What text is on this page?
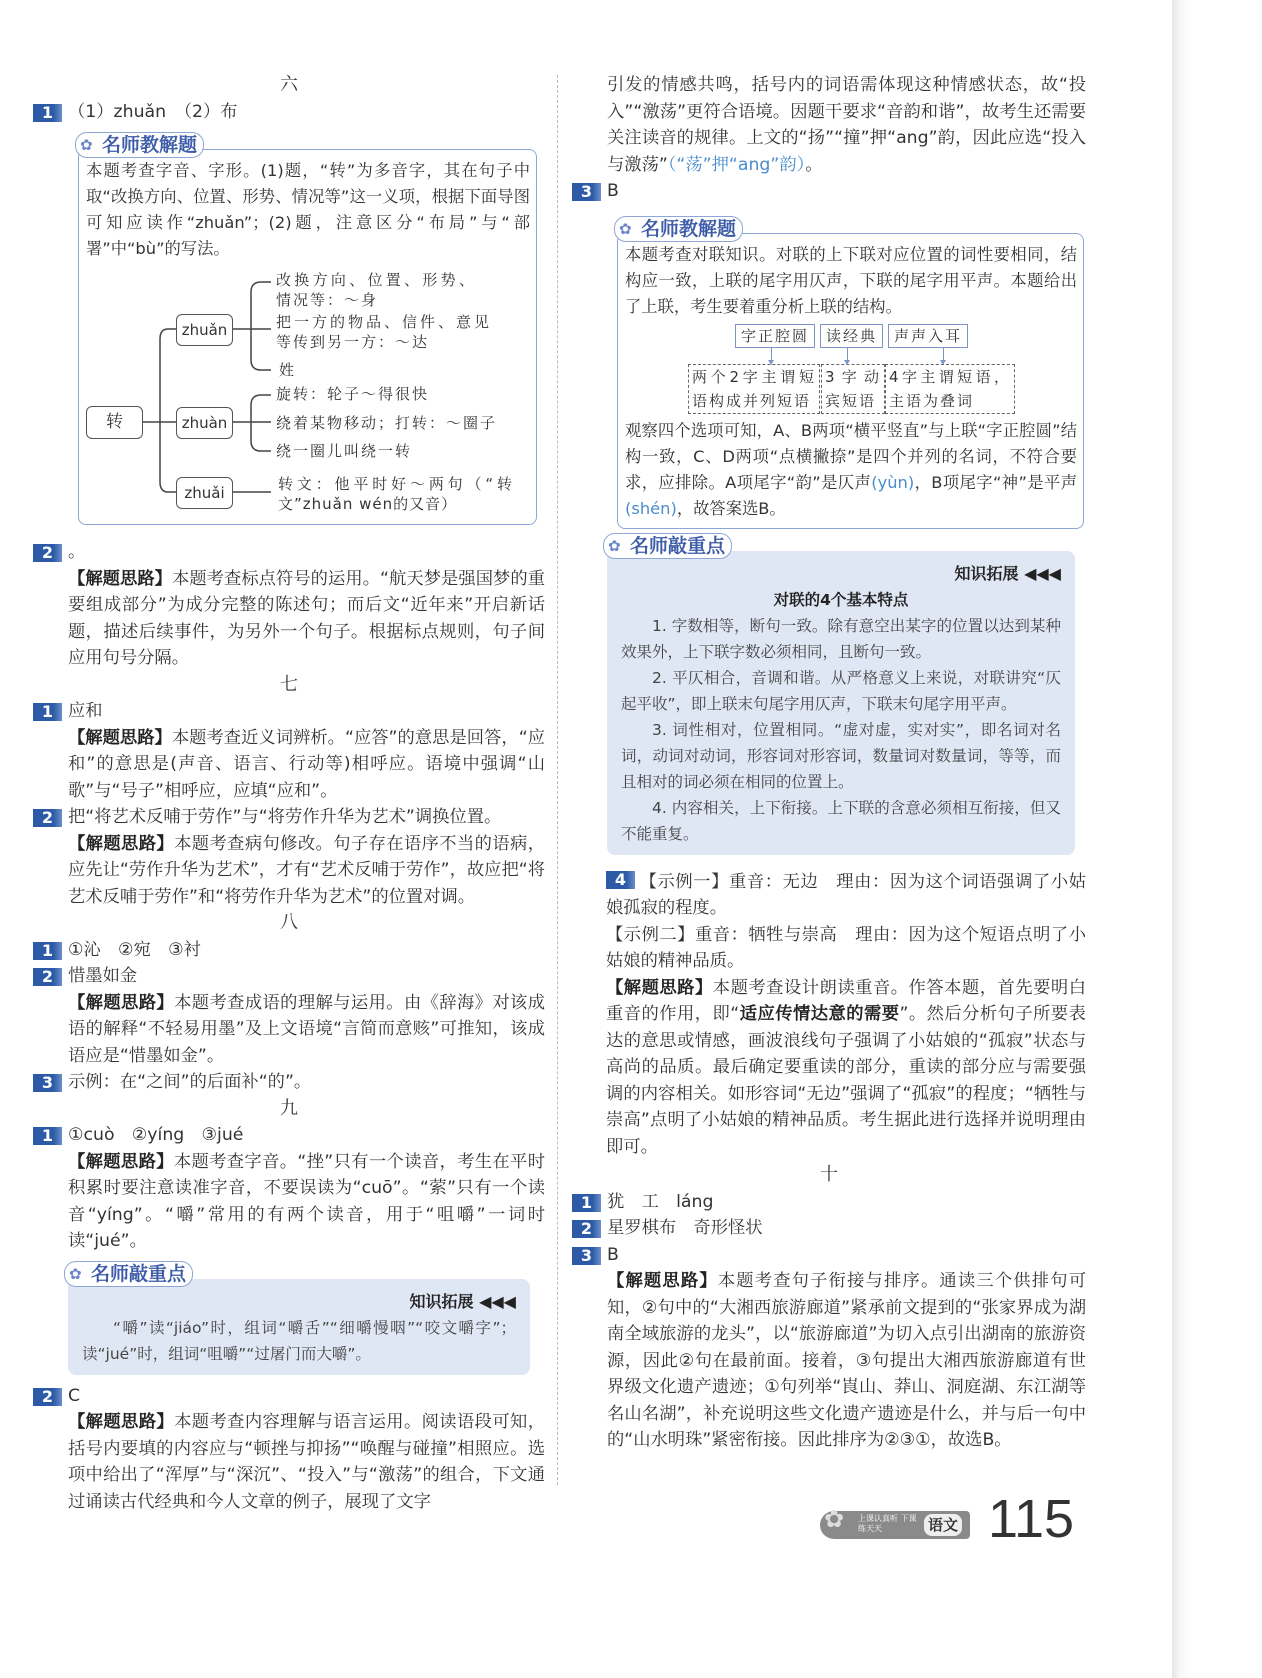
六

1 （1）zhuǎn　（2）布

✿ 名师教解题

本题考查字音、字形。(1)题，“转”为多音字，其在句子中取“改换方向、位置、形势、情况等”这一义项，根据下面导图可知应读作“zhuǎn”；(2)题，注意区分“布局”与“部署”中“bù”的写法。

转
zhuǎn
zhuàn
zhuǎi
改换方向、位置、形势、情况等：～身
把一方的物品、信件、意见等传到另一方：～达
姓
旋转：轮子～得很快
绕着某物移动；打转：～圈子
绕一圈儿叫绕一转
转文：他平时好～两句（“转文”zhuǎn wén的又音）
2 。

【解题思路】本题考查标点符号的运用。“航天梦是强国梦的重要组成部分”为成分完整的陈述句；而后文“近年来”开启新话题，描述后续事件，为另外一个句子。根据标点规则，句子间应用句号分隔。

七

1 应和

【解题思路】本题考查近义词辨析。“应答”的意思是回答，“应和”的意思是(声音、语言、行动等)相呼应。语境中强调“山歌”与“号子”相呼应，应填“应和”。

2 把“将艺术反哺于劳作”与“将劳作升华为艺术”调换位置。

【解题思路】本题考查病句修改。句子存在语序不当的语病，应先让“劳作升华为艺术”，才有“艺术反哺于劳作”，故应把“将艺术反哺于劳作”和“将劳作升华为艺术”的位置对调。

八

1 ①沁　②宛　③衬

2 惜墨如金

【解题思路】本题考查成语的理解与运用。由《辞海》对该成语的解释“不轻易用墨”及上文语境“言简而意赅”可推知，该成语应是“惜墨如金”。

3 示例：在“之间”的后面补“的”。

九

1 ①cuò　②yíng　③jué

【解题思路】本题考查字音。“挫”只有一个读音，考生在平时积累时要注意读准字音，不要误读为“cuō”。“萦”只有一个读音“yíng”。“嚼”常用的有两个读音，用于“咀嚼”一词时读“jué”。

✿ 名师敲重点
知识拓展 ◀◀◀

“嚼”读“jiáo”时，组词“嚼舌”“细嚼慢咽”“咬文嚼字”；读“jué”时，组词“咀嚼”“过屠门而大嚼”。

2 C

【解题思路】本题考查内容理解与语言运用。阅读语段可知，括号内要填的内容应与“顿挫与抑扬”“唤醒与碰撞”相照应。选项中给出了“浑厚”与“深沉”、“投入”与“激荡”的组合，下文通过诵读古代经典和今人文章的例子，展现了文字

引发的情感共鸣，括号内的词语需体现这种情感状态，故“投入”“激荡”更符合语境。因题干要求“音韵和谐”，故考生还需要关注读音的规律。上文的“扬”“撞”押“ang”韵，因此应选“投入与激荡”（“荡”押“ang”韵）。

3 B

✿ 名师教解题

本题考查对联知识。对联的上下联对应位置的词性要相同，结构应一致，上联的尾字用仄声，下联的尾字用平声。本题给出了上联，考生要着重分析上联的结构。

字正腔圆	读经典	声声入耳
两个2字主谓短语构成并列短语
3字动宾短语
4字主谓短语，主语为叠词

观察四个选项可知，A、B两项“横平竖直”与上联“字正腔圆”结构一致，C、D两项“点横撇捺”是四个并列的名词，不符合要求，应排除。A项尾字“韵”是仄声(yùn)，B项尾字“神”是平声(shén)，故答案选B。

✿ 名师敲重点
知识拓展 ◀◀◀
对联的4个基本特点

1. 字数相等，断句一致。除有意空出某字的位置以达到某种效果外，上下联字数必须相同，且断句一致。

2. 平仄相合，音调和谐。从严格意义上来说，对联讲究“仄起平收”，即上联末句尾字用仄声，下联末句尾字用平声。

3. 词性相对，位置相同。“虚对虚，实对实”，即名词对名词，动词对动词，形容词对形容词，数量词对数量词，等等，而且相对的词必须在相同的位置上。

4. 内容相关，上下衔接。上下联的含意必须相互衔接，但又不能重复。

4 【示例一】重音：无边　理由：因为这个词语强调了小姑娘孤寂的程度。

【示例二】重音：牺牲与崇高　理由：因为这个短语点明了小姑娘的精神品质。

【解题思路】本题考查设计朗读重音。作答本题，首先要明白重音的作用，即“适应传情达意的需要”。然后分析句子所要表达的意思或情感，画波浪线句子强调了小姑娘的“孤寂”状态与高尚的品质。最后确定要重读的部分，重读的部分应与需要强调的内容相关。如形容词“无边”强调了“孤寂”的程度；“牺牲与崇高”点明了小姑娘的精神品质。考生据此进行选择并说明理由即可。

十

1 犹　工　láng

2 星罗棋布　奇形怪状

3 B

【解题思路】本题考查句子衔接与排序。通读三个供排句可知，②句中的“大湘西旅游廊道”紧承前文提到的“张家界成为湖南全域旅游的龙头”，以“旅游廊道”为切入点引出湖南的旅游资源，因此②句在最前面。接着，③句提出大湘西旅游廊道有世界级文化遗产遗迹；①句列举“崀山、莽山、洞庭湖、东江湖等名山名湖”，补充说明这些文化遗产遗迹是什么，并与后一句中的“山水明珠”紧密衔接。因此排序为②③①，故选B。

✿ 上课认真听 下课练天天	语文 115
